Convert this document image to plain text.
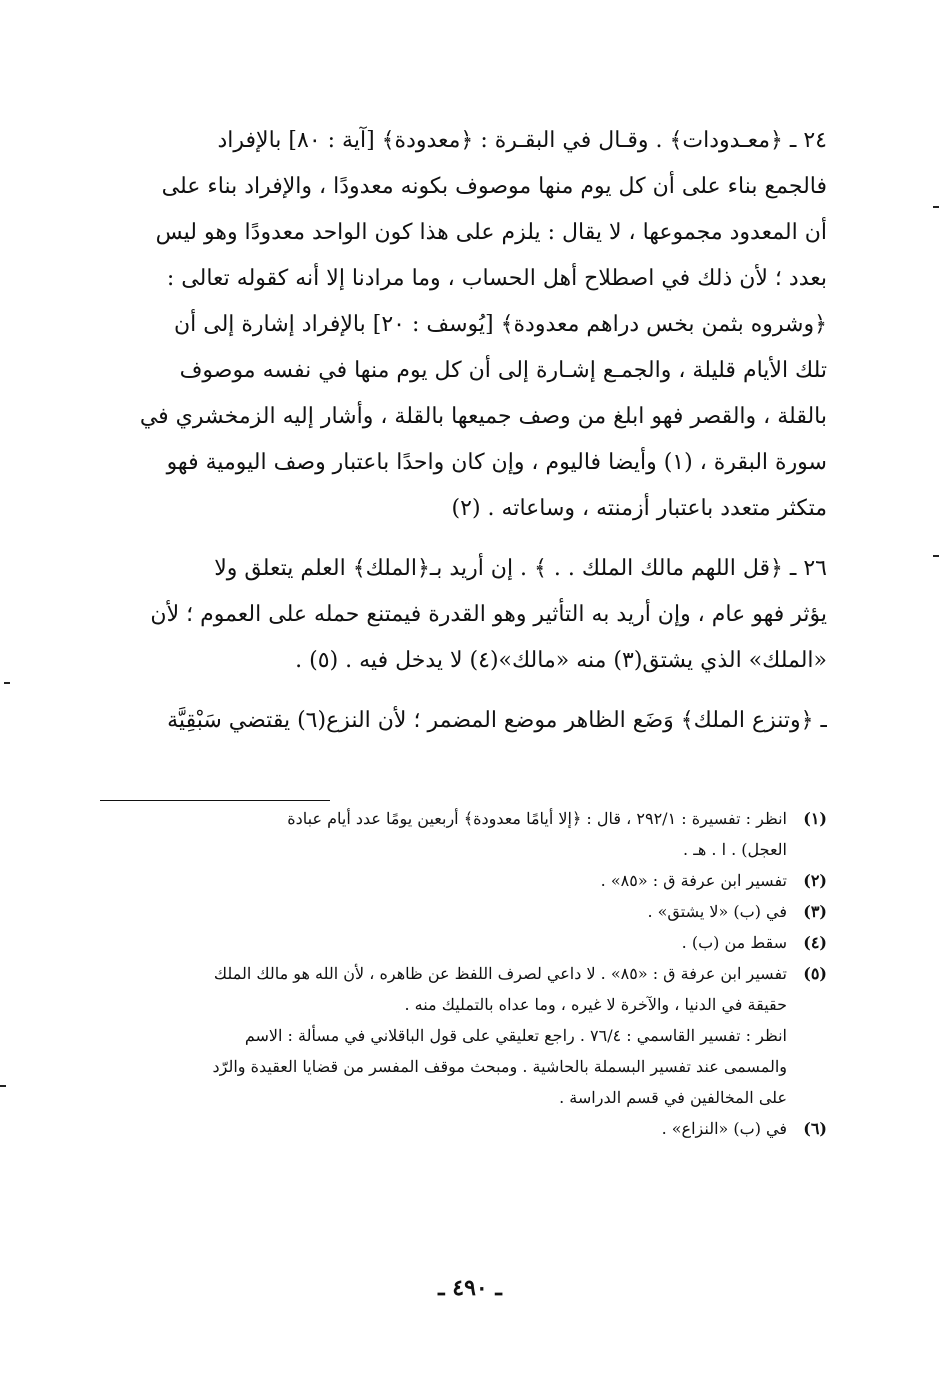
٢٤ ـ ﴿معـدودات﴾ . وقـال في البقـرة : ﴿معدودة﴾ [آية : ٨٠] بالإفراد
فالجمع بناء على أن كل يوم منها موصوف بكونه معدودًا ، والإفراد بناء على
أن المعدود مجموعها ، لا يقال : يلزم على هذا كون الواحد معدودًا وهو ليس
بعدد ؛ لأن ذلك في اصطلاح أهل الحساب ، وما مرادنا إلا أنه كقوله تعالى :
﴿وشروه بثمن بخس دراهم معدودة﴾ [يُوسف : ٢٠] بالإفراد إشارة إلى أن
تلك الأيام قليلة ، والجمـع إشـارة إلى أن كل يوم منها في نفسه موصوف
بالقلة ، والقصر فهو ابلغ من وصف جميعها بالقلة ، وأشار إليه الزمخشري في
سورة البقرة ، (١) وأيضا فاليوم ، وإن كان واحدًا باعتبار وصف اليومية فهو
متكثر متعدد باعتبار أزمنته ، وساعاته . (٢)
٢٦ ـ ﴿قل اللهم مالك الملك . . ﴾ . إن أريد بـ﴿الملك﴾ العلم يتعلق ولا
يؤثر فهو عام ، وإن أريد به التأثير وهو القدرة فيمتنع حمله على العموم ؛ لأن
«الملك» الذي يشتق(٣) منه «مالك»(٤) لا يدخل فيه . (٥) .
ـ ﴿وتنزع الملك﴾ وَضَع الظاهر موضع المضمر ؛ لأن النزع(٦) يقتضي سَبْقِيَّة
(١)انظر : تفسيرة : ٢٩٢/١ ، قال : ﴿إلا أيامًا معدودة﴾ أربعين يومًا عدد أيام عبادة
العجل) . ا . هـ .
(٢)تفسير ابن عرفة ق : «٨٥» .
(٣)في (ب) «لا يشتق» .
(٤)سقط من (ب) .
(٥)تفسير ابن عرفة ق : «٨٥» . لا داعي لصرف اللفظ عن ظاهره ، لأن الله هو مالك الملك
حقيقة في الدنيا ، والآخرة لا غيره ، وما عداه بالتمليك منه .
انظر : تفسير القاسمي : ٧٦/٤ . راجع تعليقي على قول الباقلاني في مسألة : الاسم
والمسمى عند تفسير البسملة بالحاشية . ومبحث موقف المفسر من قضايا العقيدة والرّد
على المخالفين في قسم الدراسة .
(٦)في (ب) «النزاع» .
ـ ٤٩٠ ـ
